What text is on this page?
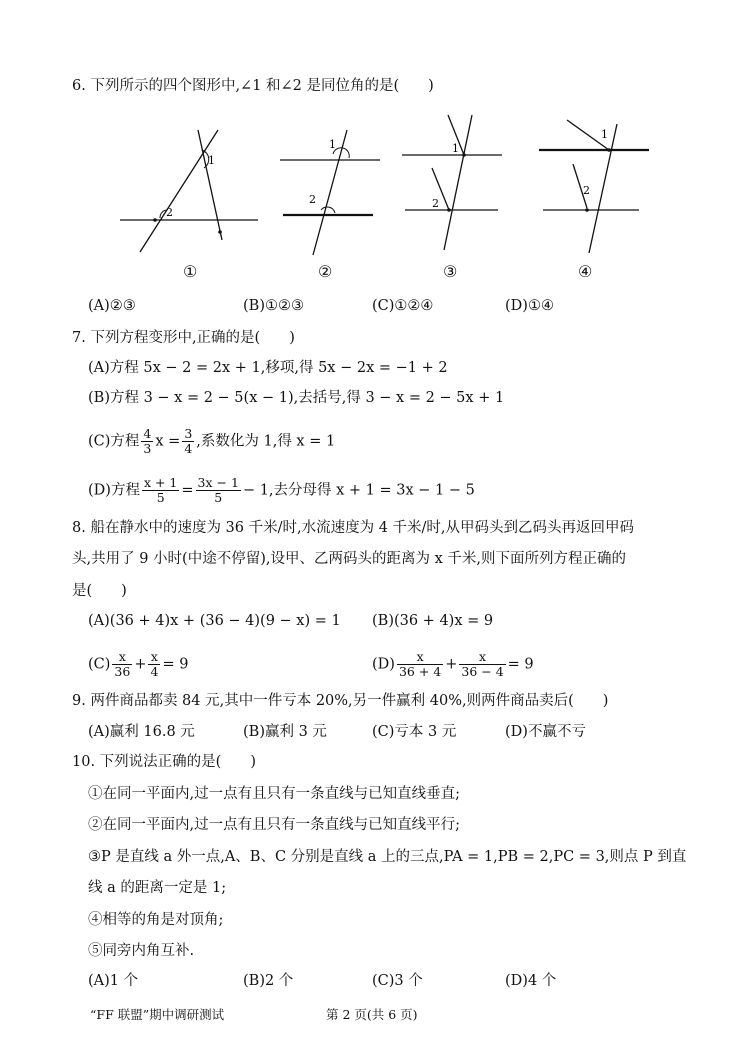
6. 下列所示的四个图形中,∠1 和∠2 是同位角的是(　　)
1
2
1
2
1
2
1
2
①	②	③	④
(A)②③	(B)①②③	(C)①②④	(D)①④
7. 下列方程变形中,正确的是(　　)
(A)方程 5x − 2 = 2x + 1,移项,得 5x − 2x = −1 + 2
(B)方程 3 − x = 2 − 5(x − 1),去括号,得 3 − x = 2 − 5x + 1
(C)方程 $\frac{4}{3}$ $x = \frac{3}{4}$ ,系数化为 1,得 x = 1
(D)方程 $\frac{x + 1}{5} = \frac{3x - 1}{5} - 1$,去分母得 x + 1 = 3x − 1 − 5
8. 船在静水中的速度为 36 千米/时,水流速度为 4 千米/时,从甲码头到乙码头再返回甲码
头,共用了 9 小时(中途不停留),设甲、乙两码头的距离为 x 千米,则下面所列方程正确的
是(　　)
(A)(36 + 4)x + (36 − 4)(9 − x) = 1 (B)(36 + 4)x = 9
$(C) \frac{x}{36} + \frac{x}{4} = 9$	$(D) \frac{x}{36 + 4} + \frac{x}{36 - 4} = 9$
9. 两件商品都卖 84 元,其中一件亏本 20%,另一件赢利 40%,则两件商品卖后(　　)
(A)赢利 16.8 元	(B)赢利 3 元	(C)亏本 3 元	(D)不赢不亏
10. 下列说法正确的是(　　)
①在同一平面内,过一点有且只有一条直线与已知直线垂直;
②在同一平面内,过一点有且只有一条直线与已知直线平行;
③P 是直线 a 外一点,A、B、C 分别是直线 a 上的三点,PA = 1,PB = 2,PC = 3,则点 P 到直
线 a 的距离一定是 1;
④相等的角是对顶角;
⑤同旁内角互补.
(A)1 个	(B)2 个	(C)3 个	(D)4 个
“FF 联盟”期中调研测试	第 2 页(共 6 页)
